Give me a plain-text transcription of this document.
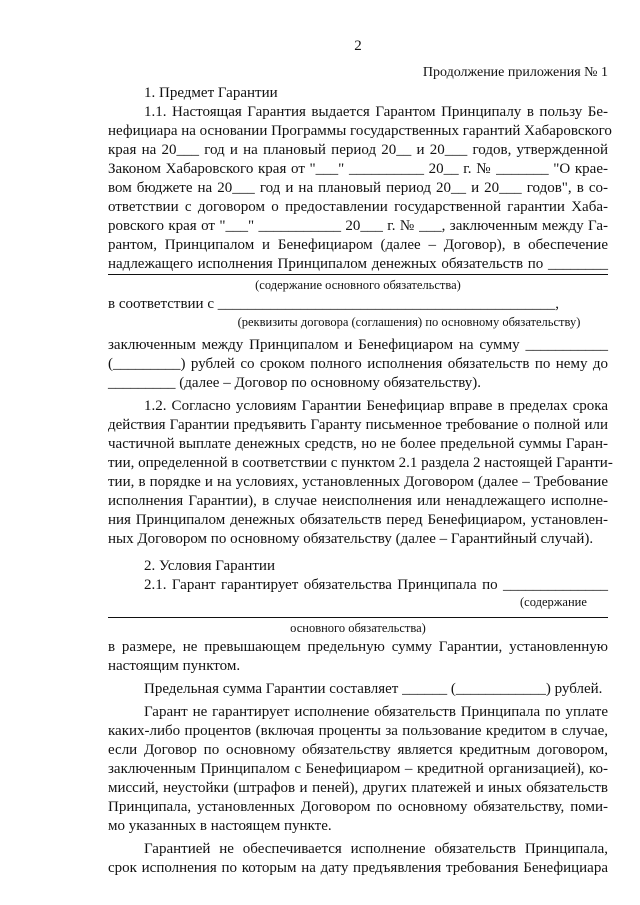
2
Продолжение приложения № 1
1. Предмет Гарантии
1.1. Настоящая Гарантия выдается Гарантом Принципалу в пользу Бе-
нефициара на основании Программы государственных гарантий Хабаровского
края на 20___ год и на плановый период 20__ и 20___ годов, утвержденной
Законом Хабаровского края от "___" __________ 20__ г. № _______ "О крае-
вом бюджете на 20___ год и на плановый период 20__ и 20___ годов", в со-
ответствии с договором о предоставлении государственной гарантии Хаба-
ровского края от "___" ___________ 20___ г. № ___, заключенным между Га-
рантом, Принципалом и Бенефициаром (далее – Договор), в обеспечение
надлежащего исполнения Принципалом денежных обязательств по ________
(содержание основного обязательства)
в соответствии с _____________________________________________,
(реквизиты договора (соглашения) по основному обязательству)
заключенным между Принципалом и Бенефициаром на сумму ___________
(_________) рублей со сроком полного исполнения обязательств по нему до
_________ (далее – Договор по основному обязательству).
1.2. Согласно условиям Гарантии Бенефициар вправе в пределах срока
действия Гарантии предъявить Гаранту письменное требование о полной или
частичной выплате денежных средств, но не более предельной суммы Гаран-
тии, определенной в соответствии с пунктом 2.1 раздела 2 настоящей Гаранти-
тии, в порядке и на условиях, установленных Договором (далее – Требование
исполнения Гарантии), в случае неисполнения или ненадлежащего исполне-
ния Принципалом денежных обязательств перед Бенефициаром, установлен-
ных Договором по основному обязательству (далее – Гарантийный случай).
2. Условия Гарантии
2.1. Гарант гарантирует обязательства Принципала по ______________
(содержание
основного обязательства)
в размере, не превышающем предельную сумму Гарантии, установленную
настоящим пунктом.
Предельная сумма Гарантии составляет ______ (____________) рублей.
Гарант не гарантирует исполнение обязательств Принципала по уплате
каких-либо процентов (включая проценты за пользование кредитом в случае,
если Договор по основному обязательству является кредитным договором,
заключенным Принципалом с Бенефициаром – кредитной организацией), ко-
миссий, неустойки (штрафов и пеней), других платежей и иных обязательств
Принципала, установленных Договором по основному обязательству, поми-
мо указанных в настоящем пункте.
Гарантией не обеспечивается исполнение обязательств Принципала,
срок исполнения по которым на дату предъявления требования Бенефициара
